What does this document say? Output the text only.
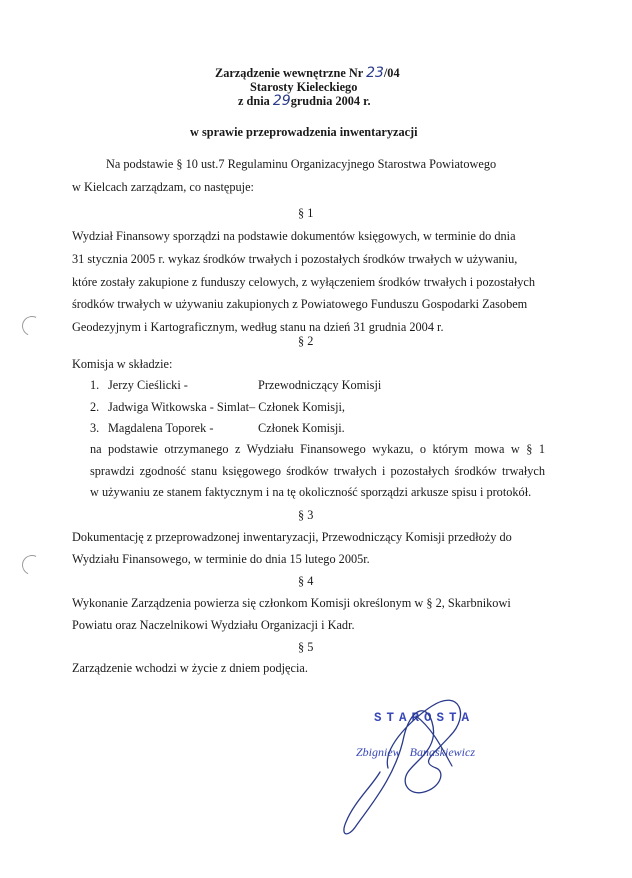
Zarządzenie wewnętrzne Nr 23/04
Starosty Kieleckiego
z dnia 29grudnia 2004 r.
w sprawie przeprowadzenia inwentaryzacji
Na podstawie § 10 ust.7 Regulaminu Organizacyjnego Starostwa Powiatowego
w Kielcach zarządzam, co następuje:
§ 1
Wydział Finansowy sporządzi na podstawie dokumentów księgowych, w terminie do dnia
31 stycznia 2005 r. wykaz środków trwałych i pozostałych środków trwałych w używaniu,
które zostały zakupione z funduszy celowych, z wyłączeniem środków trwałych i pozostałych
środków trwałych w używaniu zakupionych z Powiatowego Funduszu Gospodarki Zasobem
Geodezyjnym i Kartograficznym, według stanu na dzień 31 grudnia 2004 r.
§ 2
Komisja w składzie:
1. Jerzy Cieślicki -	Przewodniczący Komisji
2. Jadwiga Witkowska - Simlat– Członek Komisji,
3. Magdalena Toporek -	Członek Komisji.
na podstawie otrzymanego z Wydziału Finansowego wykazu, o którym mowa w § 1
sprawdzi zgodność stanu księgowego środków trwałych i pozostałych środków trwałych
w używaniu ze stanem faktycznym i na tę okoliczność sporządzi arkusze spisu i protokół.
§ 3
Dokumentację z przeprowadzonej inwentaryzacji, Przewodniczący Komisji przedłoży do
Wydziału Finansowego, w terminie do dnia 15 lutego 2005r.
§ 4
Wykonanie Zarządzenia powierza się członkom Komisji określonym w § 2, Skarbnikowi
Powiatu oraz Naczelnikowi Wydziału Organizacji i Kadr.
§ 5
Zarządzenie wchodzi w życie z dniem podjęcia.
STAROSTA
Zbigniew   Banaśkiewicz
